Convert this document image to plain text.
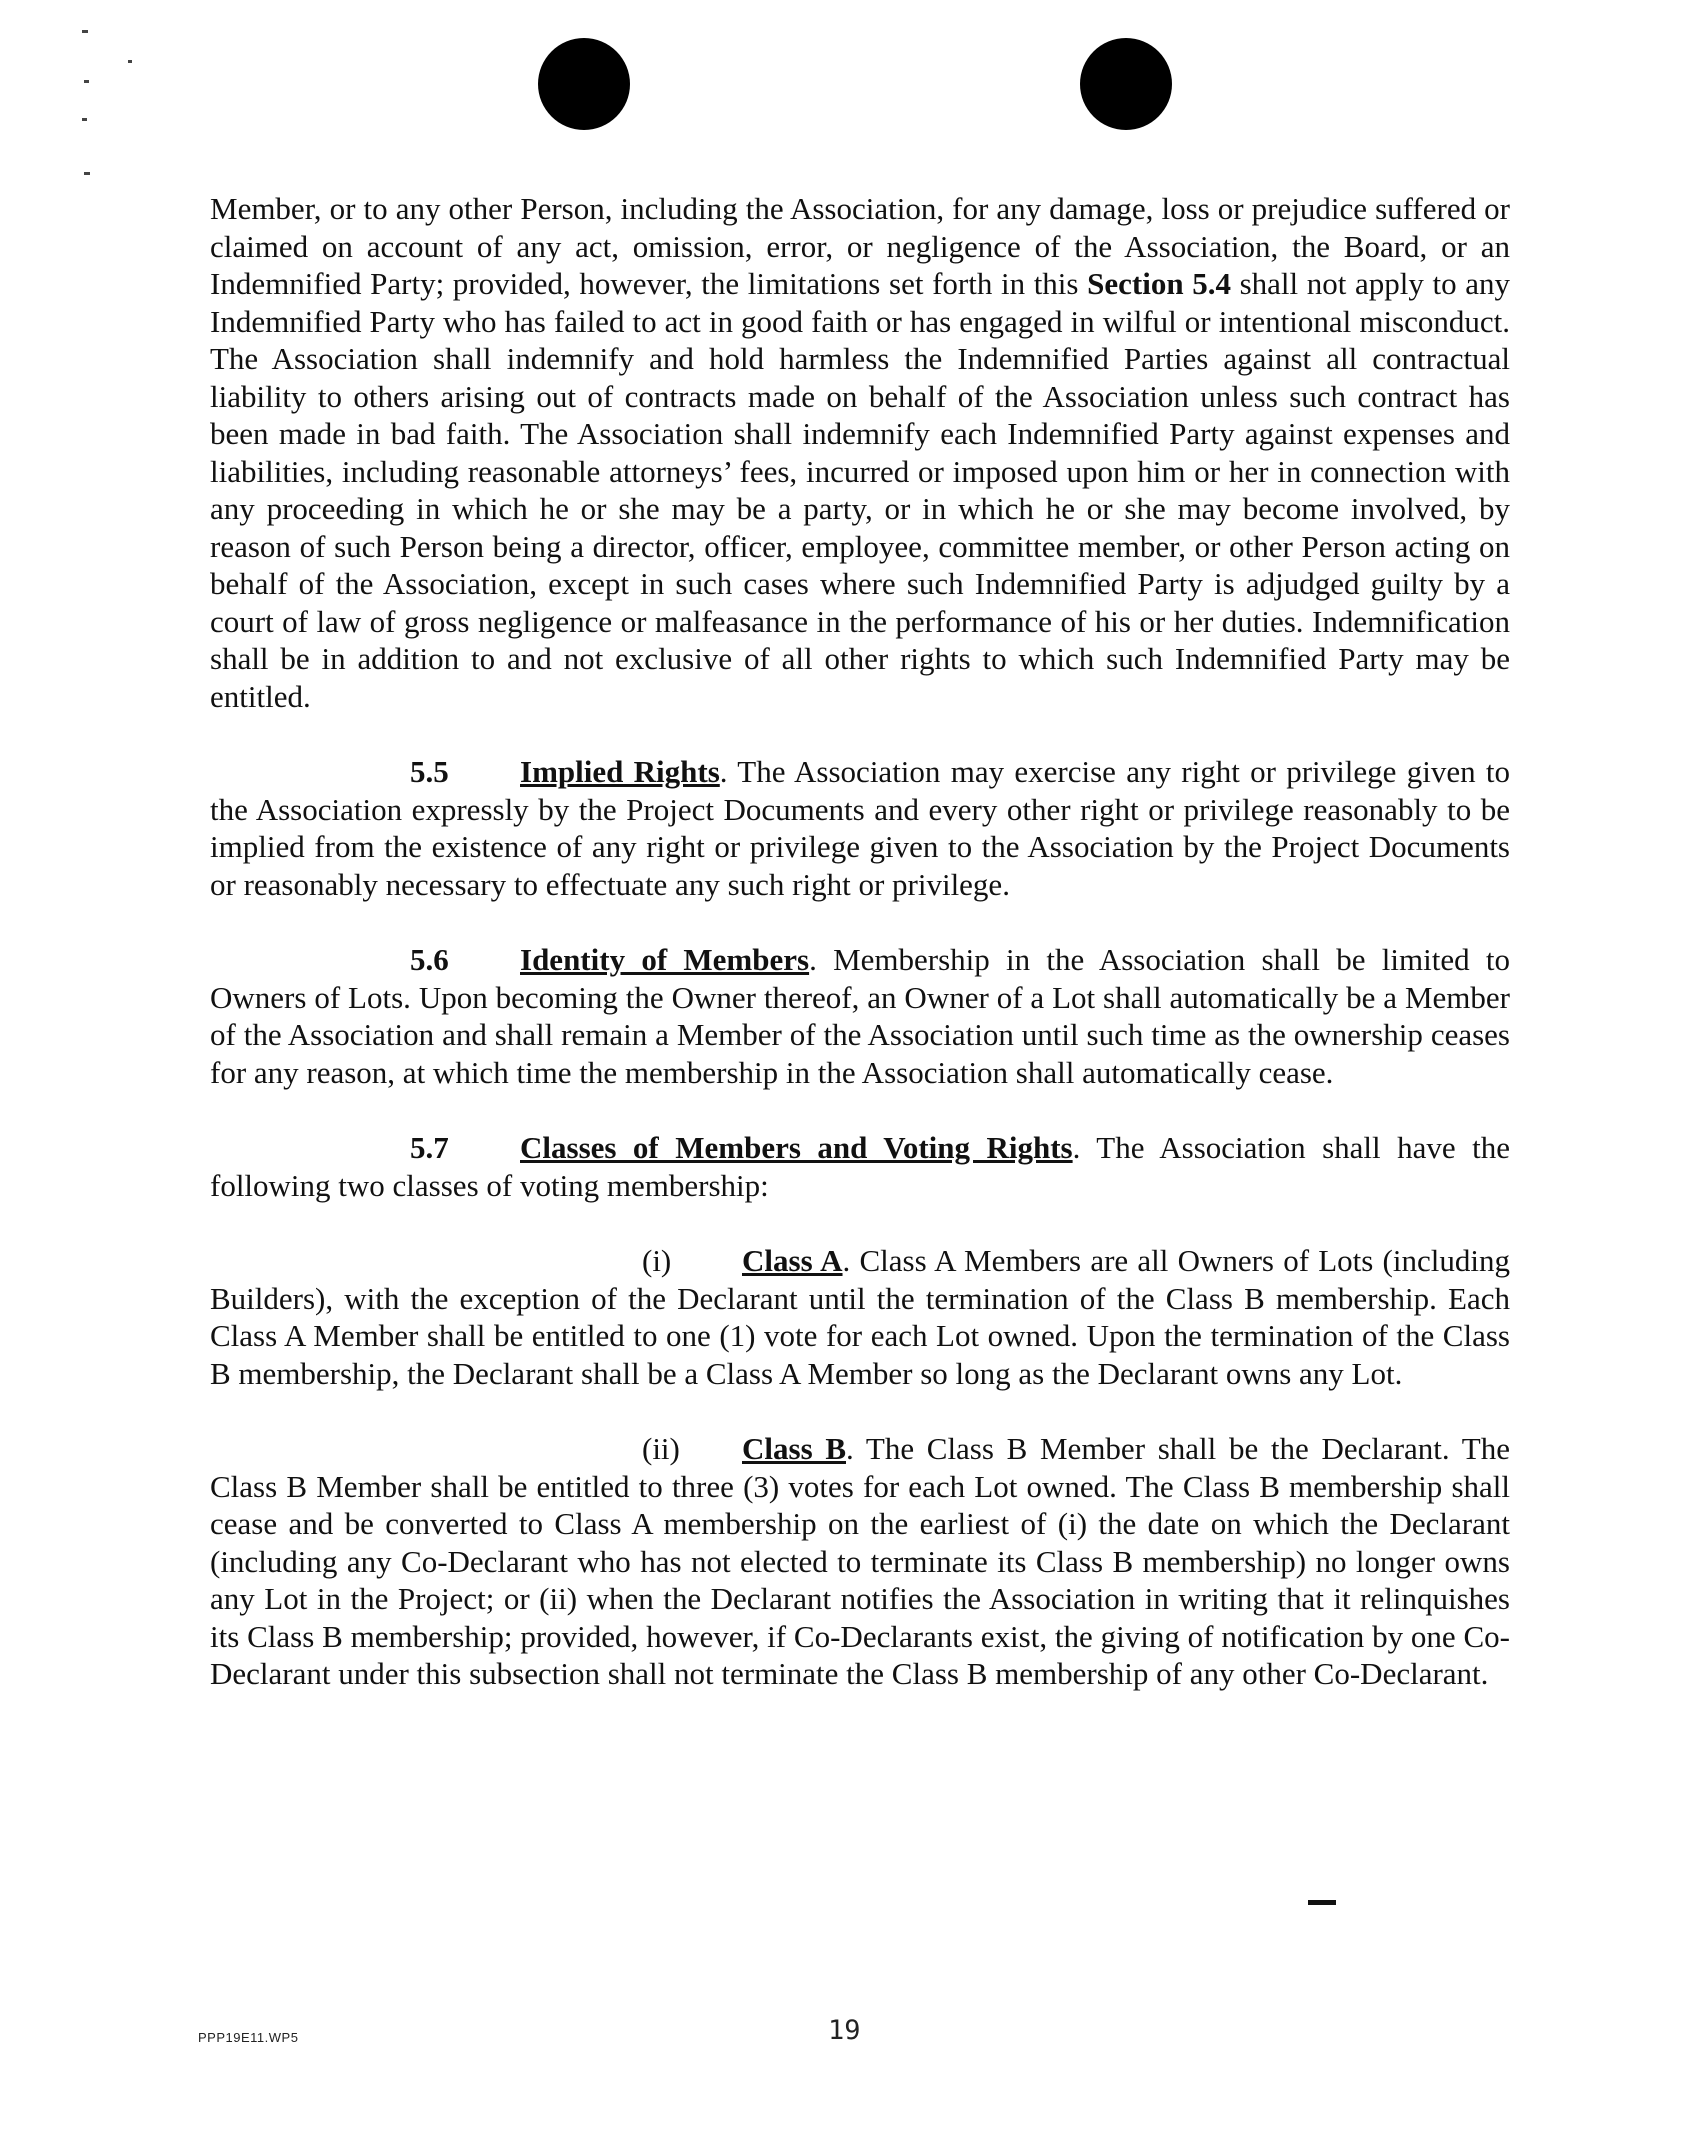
Member, or to any other Person, including the Association, for any damage, loss or prejudice suffered or claimed on account of any act, omission, error, or negligence of the Association, the Board, or an Indemnified Party; provided, however, the limitations set forth in this Section 5.4 shall not apply to any Indemnified Party who has failed to act in good faith or has engaged in wilful or intentional misconduct. The Association shall indemnify and hold harmless the Indemnified Parties against all contractual liability to others arising out of contracts made on behalf of the Association unless such contract has been made in bad faith. The Association shall indemnify each Indemnified Party against expenses and liabilities, including reasonable attorneys’ fees, incurred or imposed upon him or her in connection with any proceeding in which he or she may be a party, or in which he or she may become involved, by reason of such Person being a director, officer, employee, committee member, or other Person acting on behalf of the Association, except in such cases where such Indemnified Party is adjudged guilty by a court of law of gross negligence or malfeasance in the performance of his or her duties. Indemnification shall be in addition to and not exclusive of all other rights to which such Indemnified Party may be entitled.

5.5 Implied Rights. The Association may exercise any right or privilege given to the Association expressly by the Project Documents and every other right or privilege reasonably to be implied from the existence of any right or privilege given to the Association by the Project Documents or reasonably necessary to effectuate any such right or privilege.

5.6 Identity of Members. Membership in the Association shall be limited to Owners of Lots. Upon becoming the Owner thereof, an Owner of a Lot shall automatically be a Member of the Association and shall remain a Member of the Association until such time as the ownership ceases for any reason, at which time the membership in the Association shall automatically cease.

5.7 Classes of Members and Voting Rights. The Association shall have the following two classes of voting membership:

(i) Class A. Class A Members are all Owners of Lots (including Builders), with the exception of the Declarant until the termination of the Class B membership. Each Class A Member shall be entitled to one (1) vote for each Lot owned. Upon the termination of the Class B membership, the Declarant shall be a Class A Member so long as the Declarant owns any Lot.

(ii) Class B. The Class B Member shall be the Declarant. The Class B Member shall be entitled to three (3) votes for each Lot owned. The Class B membership shall cease and be converted to Class A membership on the earliest of (i) the date on which the Declarant (including any Co-Declarant who has not elected to terminate its Class B membership) no longer owns any Lot in the Project; or (ii) when the Declarant notifies the Association in writing that it relinquishes its Class B membership; provided, however, if Co-Declarants exist, the giving of notification by one Co-Declarant under this subsection shall not terminate the Class B membership of any other Co-Declarant.

PPP19E11.WP5	19
